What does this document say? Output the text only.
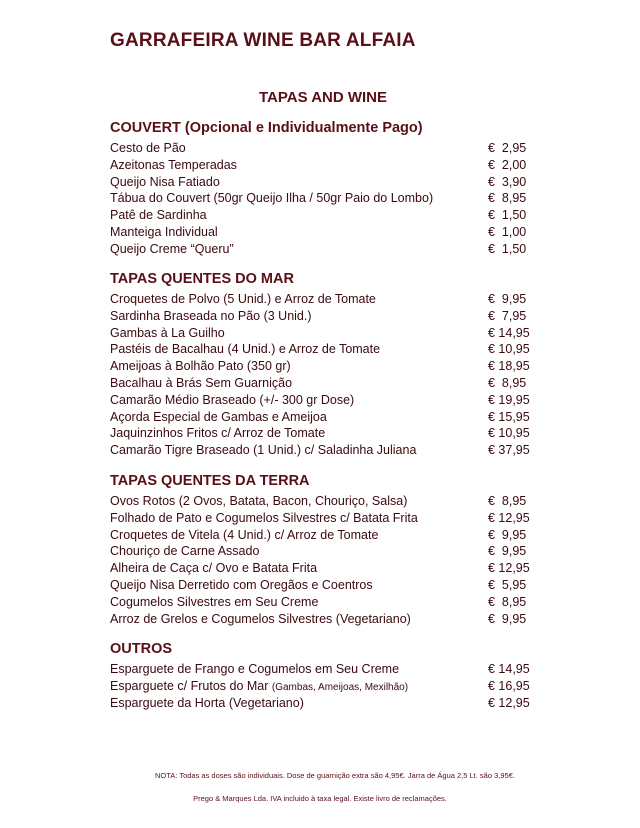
GARRAFEIRA WINE BAR ALFAIA
TAPAS AND WINE
COUVERT (Opcional e Individualmente Pago)
Cesto de Pão	€  2,95
Azeitonas Temperadas	€  2,00
Queijo Nisa Fatiado	€  3,90
Tábua do Couvert (50gr Queijo Ilha / 50gr Paio do Lombo)	€  8,95
Patê de Sardinha	€  1,50
Manteiga Individual	€  1,00
Queijo Creme “Queru”	€  1,50
TAPAS QUENTES DO MAR
Croquetes de Polvo (5 Unid.) e Arroz de Tomate	€  9,95
Sardinha Braseada no Pão (3 Unid.)	€  7,95
Gambas à La Guilho	€ 14,95
Pastéis de Bacalhau (4 Unid.) e Arroz de Tomate	€ 10,95
Ameijoas à Bolhão Pato (350 gr)	€ 18,95
Bacalhau à Brás Sem Guarnição	€  8,95
Camarão Médio Braseado (+/- 300 gr Dose)	€ 19,95
Açorda Especial de Gambas e Ameijoa	€ 15,95
Jaquinzinhos Fritos c/ Arroz de Tomate	€ 10,95
Camarão Tigre Braseado (1 Unid.) c/ Saladinha Juliana	€ 37,95
TAPAS QUENTES DA TERRA
Ovos Rotos (2 Ovos, Batata, Bacon, Chouriço, Salsa)	€  8,95
Folhado de Pato e Cogumelos Silvestres c/ Batata Frita	€ 12,95
Croquetes de Vitela (4 Unid.) c/ Arroz de Tomate	€  9,95
Chouriço de Carne Assado	€  9,95
Alheira de Caça c/ Ovo e Batata Frita	€ 12,95
Queijo Nisa Derretido com Oregãos e Coentros	€  5,95
Cogumelos Silvestres em Seu Creme	€  8,95
Arroz de Grelos e Cogumelos Silvestres (Vegetariano)	€  9,95
OUTROS
Esparguete de Frango e Cogumelos em Seu Creme	€ 14,95
Esparguete c/ Frutos do Mar (Gambas, Ameijoas, Mexilhão)	€ 16,95
Esparguete da Horta (Vegetariano)	€ 12,95
NOTA: Todas as doses são individuais. Dose de guarnição extra são 4,95€. Jarra de Água 2,5 Lt. são 3,95€.
Prego & Marques Lda. IVA incluido à taxa legal. Existe livro de reclamações.
